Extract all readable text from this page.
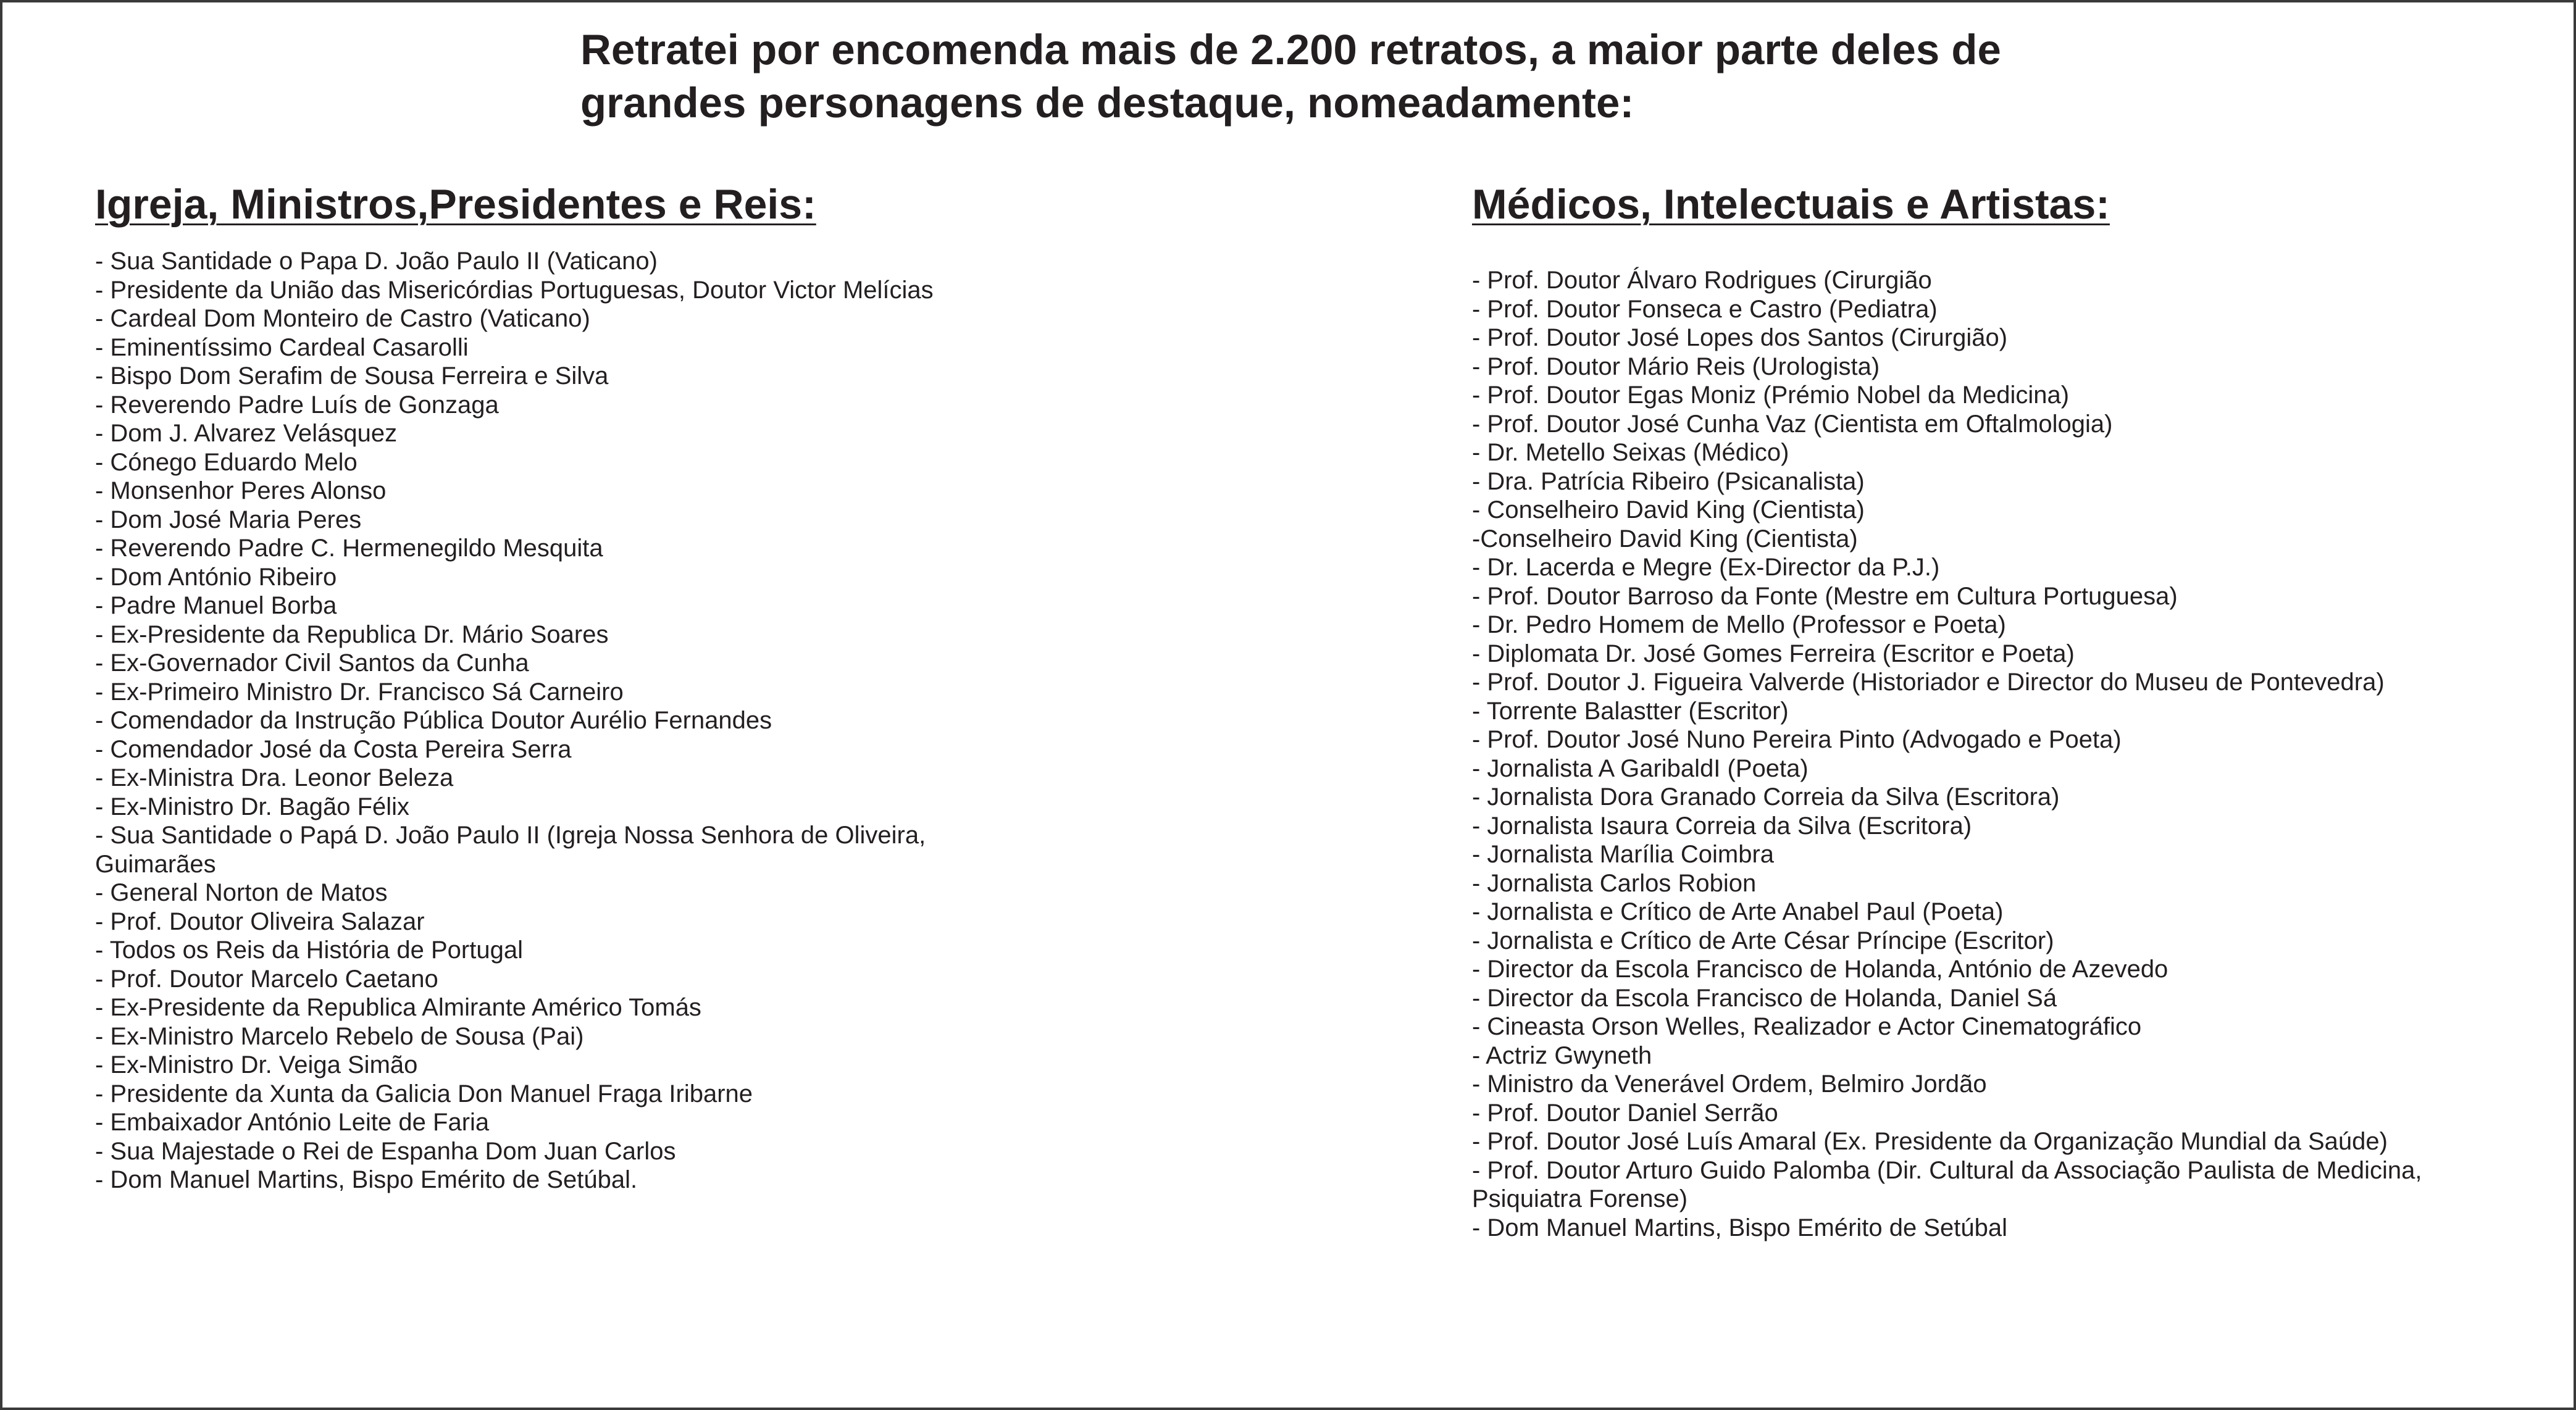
Retratei por encomenda mais de 2.200 retratos, a maior parte deles de
grandes personagens de destaque, nomeadamente:
Igreja, Ministros,Presidentes e Reis:
- Sua Santidade o Papa D. João Paulo II (Vaticano)
- Presidente da União das Misericórdias Portuguesas, Doutor Victor Melícias
- Cardeal Dom Monteiro de Castro (Vaticano)
- Eminentíssimo Cardeal Casarolli
- Bispo Dom Serafim de Sousa Ferreira e Silva
- Reverendo Padre Luís de Gonzaga
- Dom J. Alvarez Velásquez
- Cónego Eduardo Melo
- Monsenhor Peres Alonso
- Dom José Maria Peres
- Reverendo Padre C. Hermenegildo Mesquita
- Dom António Ribeiro
- Padre Manuel Borba
- Ex-Presidente da Republica Dr. Mário Soares
- Ex-Governador Civil Santos da Cunha
- Ex-Primeiro Ministro Dr. Francisco Sá Carneiro
- Comendador da Instrução Pública Doutor Aurélio Fernandes
- Comendador José da Costa Pereira Serra
- Ex-Ministra Dra. Leonor Beleza
- Ex-Ministro Dr. Bagão Félix
- Sua Santidade o Papá D. João Paulo II (Igreja Nossa Senhora de Oliveira, Guimarães
- General Norton de Matos
- Prof. Doutor Oliveira Salazar
- Todos os Reis da História de Portugal
- Prof. Doutor Marcelo Caetano
- Ex-Presidente da Republica Almirante Américo Tomás
- Ex-Ministro Marcelo Rebelo de Sousa (Pai)
- Ex-Ministro Dr. Veiga Simão
- Presidente da Xunta da Galicia Don Manuel Fraga Iribarne
- Embaixador António Leite de Faria
- Sua Majestade o Rei de Espanha Dom Juan Carlos
- Dom Manuel Martins, Bispo Emérito de Setúbal.
Médicos, Intelectuais e Artistas:
- Prof. Doutor Álvaro Rodrigues (Cirurgião
- Prof. Doutor Fonseca e Castro (Pediatra)
- Prof. Doutor José Lopes dos Santos (Cirurgião)
- Prof. Doutor Mário Reis (Urologista)
- Prof. Doutor Egas Moniz (Prémio Nobel da Medicina)
- Prof. Doutor José Cunha Vaz (Cientista em Oftalmologia)
- Dr. Metello Seixas (Médico)
- Dra. Patrícia Ribeiro (Psicanalista)
- Conselheiro David King (Cientista)
-Conselheiro David King (Cientista)
- Dr. Lacerda e Megre (Ex-Director da P.J.)
- Prof. Doutor Barroso da Fonte (Mestre em Cultura Portuguesa)
- Dr. Pedro Homem de Mello (Professor e Poeta)
- Diplomata Dr. José Gomes Ferreira (Escritor e Poeta)
- Prof. Doutor J. Figueira Valverde (Historiador e Director do Museu de Pontevedra)
- Torrente Balastter (Escritor)
- Prof. Doutor José Nuno Pereira Pinto (Advogado e Poeta)
- Jornalista A GaribaldI (Poeta)
- Jornalista Dora Granado Correia da Silva (Escritora)
- Jornalista Isaura Correia da Silva (Escritora)
- Jornalista Marília Coimbra
- Jornalista Carlos Robion
- Jornalista e Crítico de Arte Anabel Paul (Poeta)
- Jornalista e Crítico de Arte César Príncipe (Escritor)
- Director da Escola Francisco de Holanda, António de Azevedo
- Director da Escola Francisco de Holanda, Daniel Sá
- Cineasta Orson Welles, Realizador e Actor Cinematográfico
- Actriz Gwyneth
- Ministro da Venerável Ordem, Belmiro Jordão
- Prof. Doutor Daniel Serrão
- Prof. Doutor José Luís Amaral (Ex. Presidente da Organização Mundial da Saúde)
- Prof. Doutor Arturo Guido Palomba (Dir. Cultural da Associação Paulista de Medicina, Psiquiatra Forense)
- Dom Manuel Martins, Bispo Emérito de Setúbal
